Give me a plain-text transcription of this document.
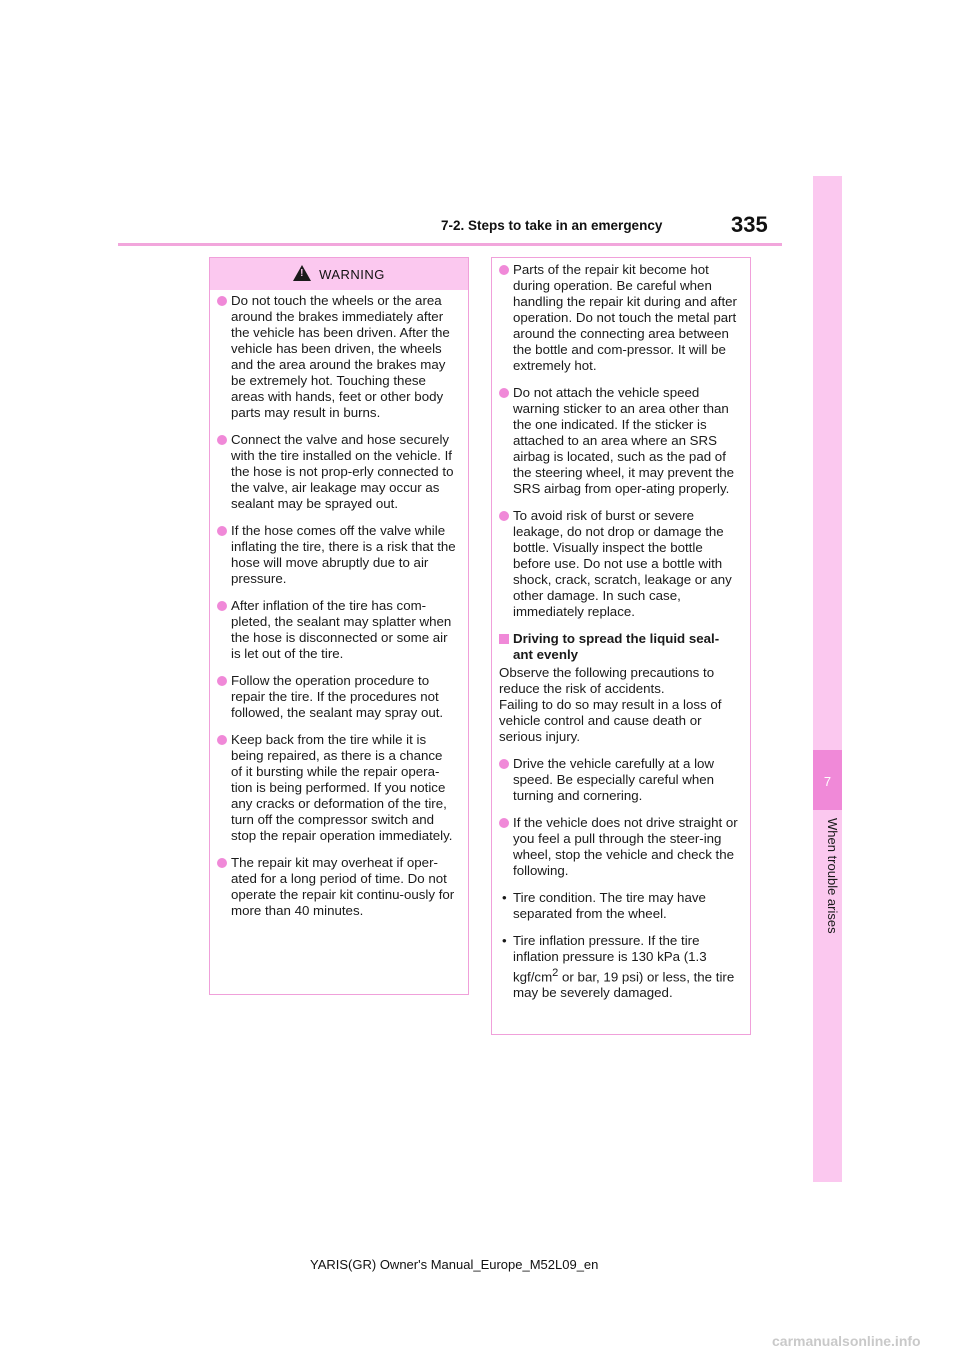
7-2. Steps to take in an emergency	335
7
When trouble arises
!
WARNING

Do not touch the wheels or the area around the brakes immediately after the vehicle has been driven. After the vehicle has been driven, the wheels and the area around the brakes may be extremely hot. Touching these areas with hands, feet or other body parts may result in burns.

Connect the valve and hose securely with the tire installed on the vehicle. If the hose is not prop-erly connected to the valve, air leakage may occur as sealant may be sprayed out.

If the hose comes off the valve while inflating the tire, there is a risk that the hose will move abruptly due to air pressure.

After inflation of the tire has com-pleted, the sealant may splatter when the hose is disconnected or some air is let out of the tire.

Follow the operation procedure to repair the tire. If the procedures not followed, the sealant may spray out.

Keep back from the tire while it is being repaired, as there is a chance of it bursting while the repair opera-tion is being performed. If you notice any cracks or deformation of the tire, turn off the compressor switch and stop the repair operation immediately.

The repair kit may overheat if oper-ated for a long period of time. Do not operate the repair kit continu-ously for more than 40 minutes.

Parts of the repair kit become hot during operation. Be careful when handling the repair kit during and after operation. Do not touch the metal part around the connecting area between the bottle and com-pressor. It will be extremely hot.

Do not attach the vehicle speed warning sticker to an area other than the one indicated. If the sticker is attached to an area where an SRS airbag is located, such as the pad of the steering wheel, it may prevent the SRS airbag from oper-ating properly.

To avoid risk of burst or severe leakage, do not drop or damage the bottle. Visually inspect the bottle before use. Do not use a bottle with shock, crack, scratch, leakage or any other damage. In such case, immediately replace.

Driving to spread the liquid seal-ant evenly

Observe the following precautions to reduce the risk of accidents.

Failing to do so may result in a loss of vehicle control and cause death or serious injury.

Drive the vehicle carefully at a low speed. Be especially careful when turning and cornering.

If the vehicle does not drive straight or you feel a pull through the steer-ing wheel, stop the vehicle and check the following.

• Tire condition. The tire may have separated from the wheel.

• Tire inflation pressure. If the tire inflation pressure is 130 kPa (1.3 kgf/$cm^2$ or bar, 19 psi) or less, the tire may be severely damaged.

YARIS(GR) Owner's Manual_Europe_M52L09_en
carmanualsonline.info
